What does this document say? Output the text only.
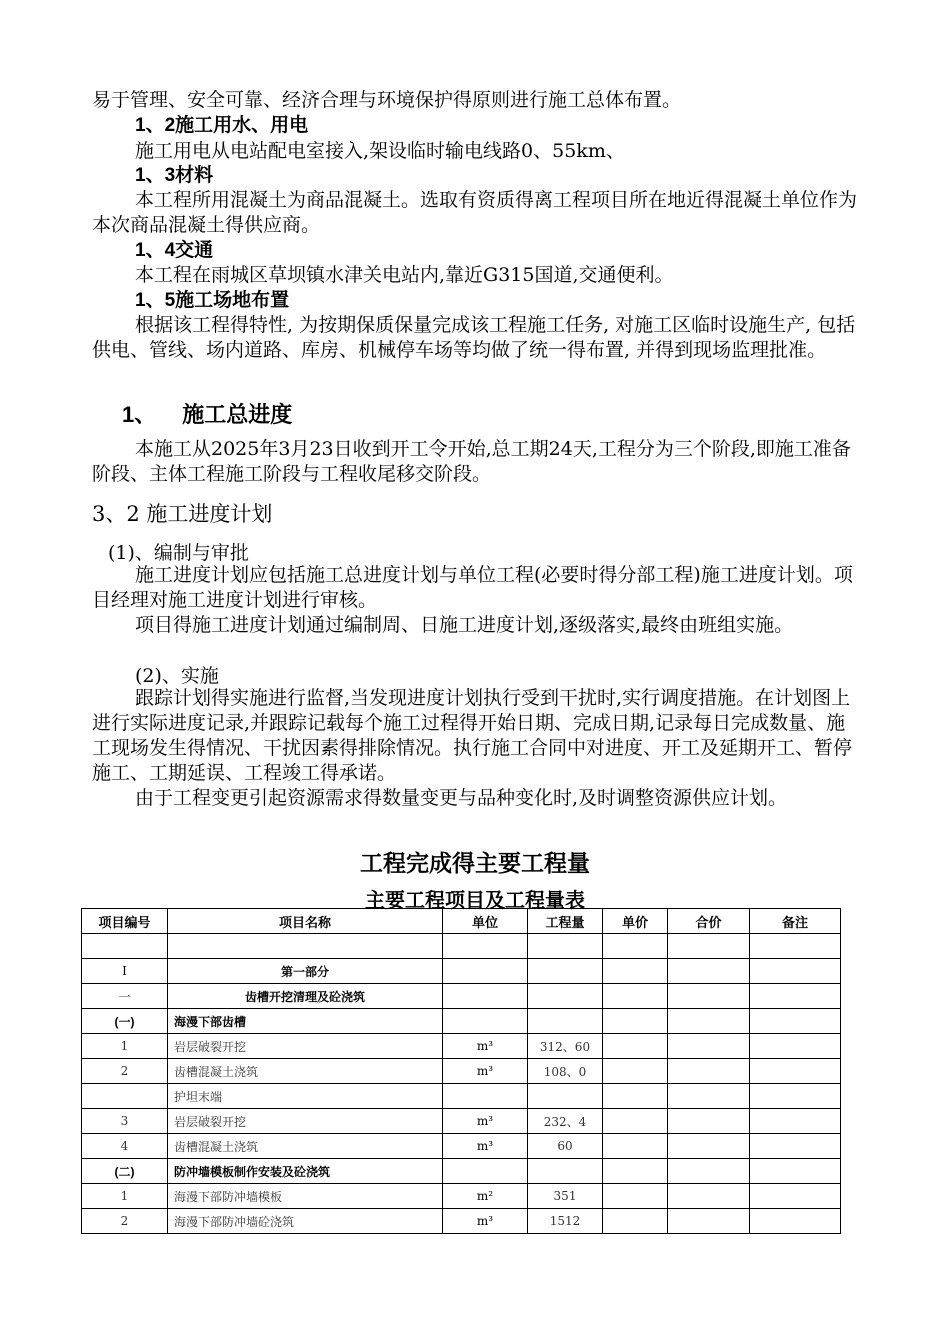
易于管理、安全可靠、经济合理与环境保护得原则进行施工总体布置。

1、2施工用水、用电

施工用电从电站配电室接入,架设临时输电线路0、55km、

1、3材料

本工程所用混凝土为商品混凝土。选取有资质得离工程项目所在地近得混凝土单位作为本次商品混凝土得供应商。

1、4交通

本工程在雨城区草坝镇水津关电站内,靠近G315国道,交通便利。

1、5施工场地布置

根据该工程得特性, 为按期保质保量完成该工程施工任务, 对施工区临时设施生产, 包括供电、管线、场内道路、库房、机械停车场等均做了统一得布置, 并得到现场监理批准。

1、 施工总进度

本施工从2025年3月23日收到开工令开始,总工期24天,工程分为三个阶段,即施工准备阶段、主体工程施工阶段与工程收尾移交阶段。

3、2 施工进度计划

(1)、编制与审批

施工进度计划应包括施工总进度计划与单位工程(必要时得分部工程)施工进度计划。项目经理对施工进度计划进行审核。

项目得施工进度计划通过编制周、日施工进度计划,逐级落实,最终由班组实施。

(2)、实施

跟踪计划得实施进行监督,当发现进度计划执行受到干扰时,实行调度措施。在计划图上进行实际进度记录,并跟踪记载每个施工过程得开始日期、完成日期,记录每日完成数量、施工现场发生得情况、干扰因素得排除情况。执行施工合同中对进度、开工及延期开工、暂停施工、工期延误、工程竣工得承诺。

由于工程变更引起资源需求得数量变更与品种变化时,及时调整资源供应计划。

工程完成得主要工程量
主要工程项目及工程量表
项目编号	项目名称	单位	工程量	单价	合价	备注

I	第一部分					
一	齿槽开挖清理及砼浇筑					
(一)	海漫下部齿槽					
1	岩层破裂开挖	m³	312、60			
2	齿槽混凝土浇筑	m³	108、0			
	护坦末端					
3	岩层破裂开挖	m³	232、4			
4	齿槽混凝土浇筑	m³	60			
(二)	防冲墙模板制作安装及砼浇筑					
1	海漫下部防冲墙模板	m²	351			
2	海漫下部防冲墙砼浇筑	m³	1512			
